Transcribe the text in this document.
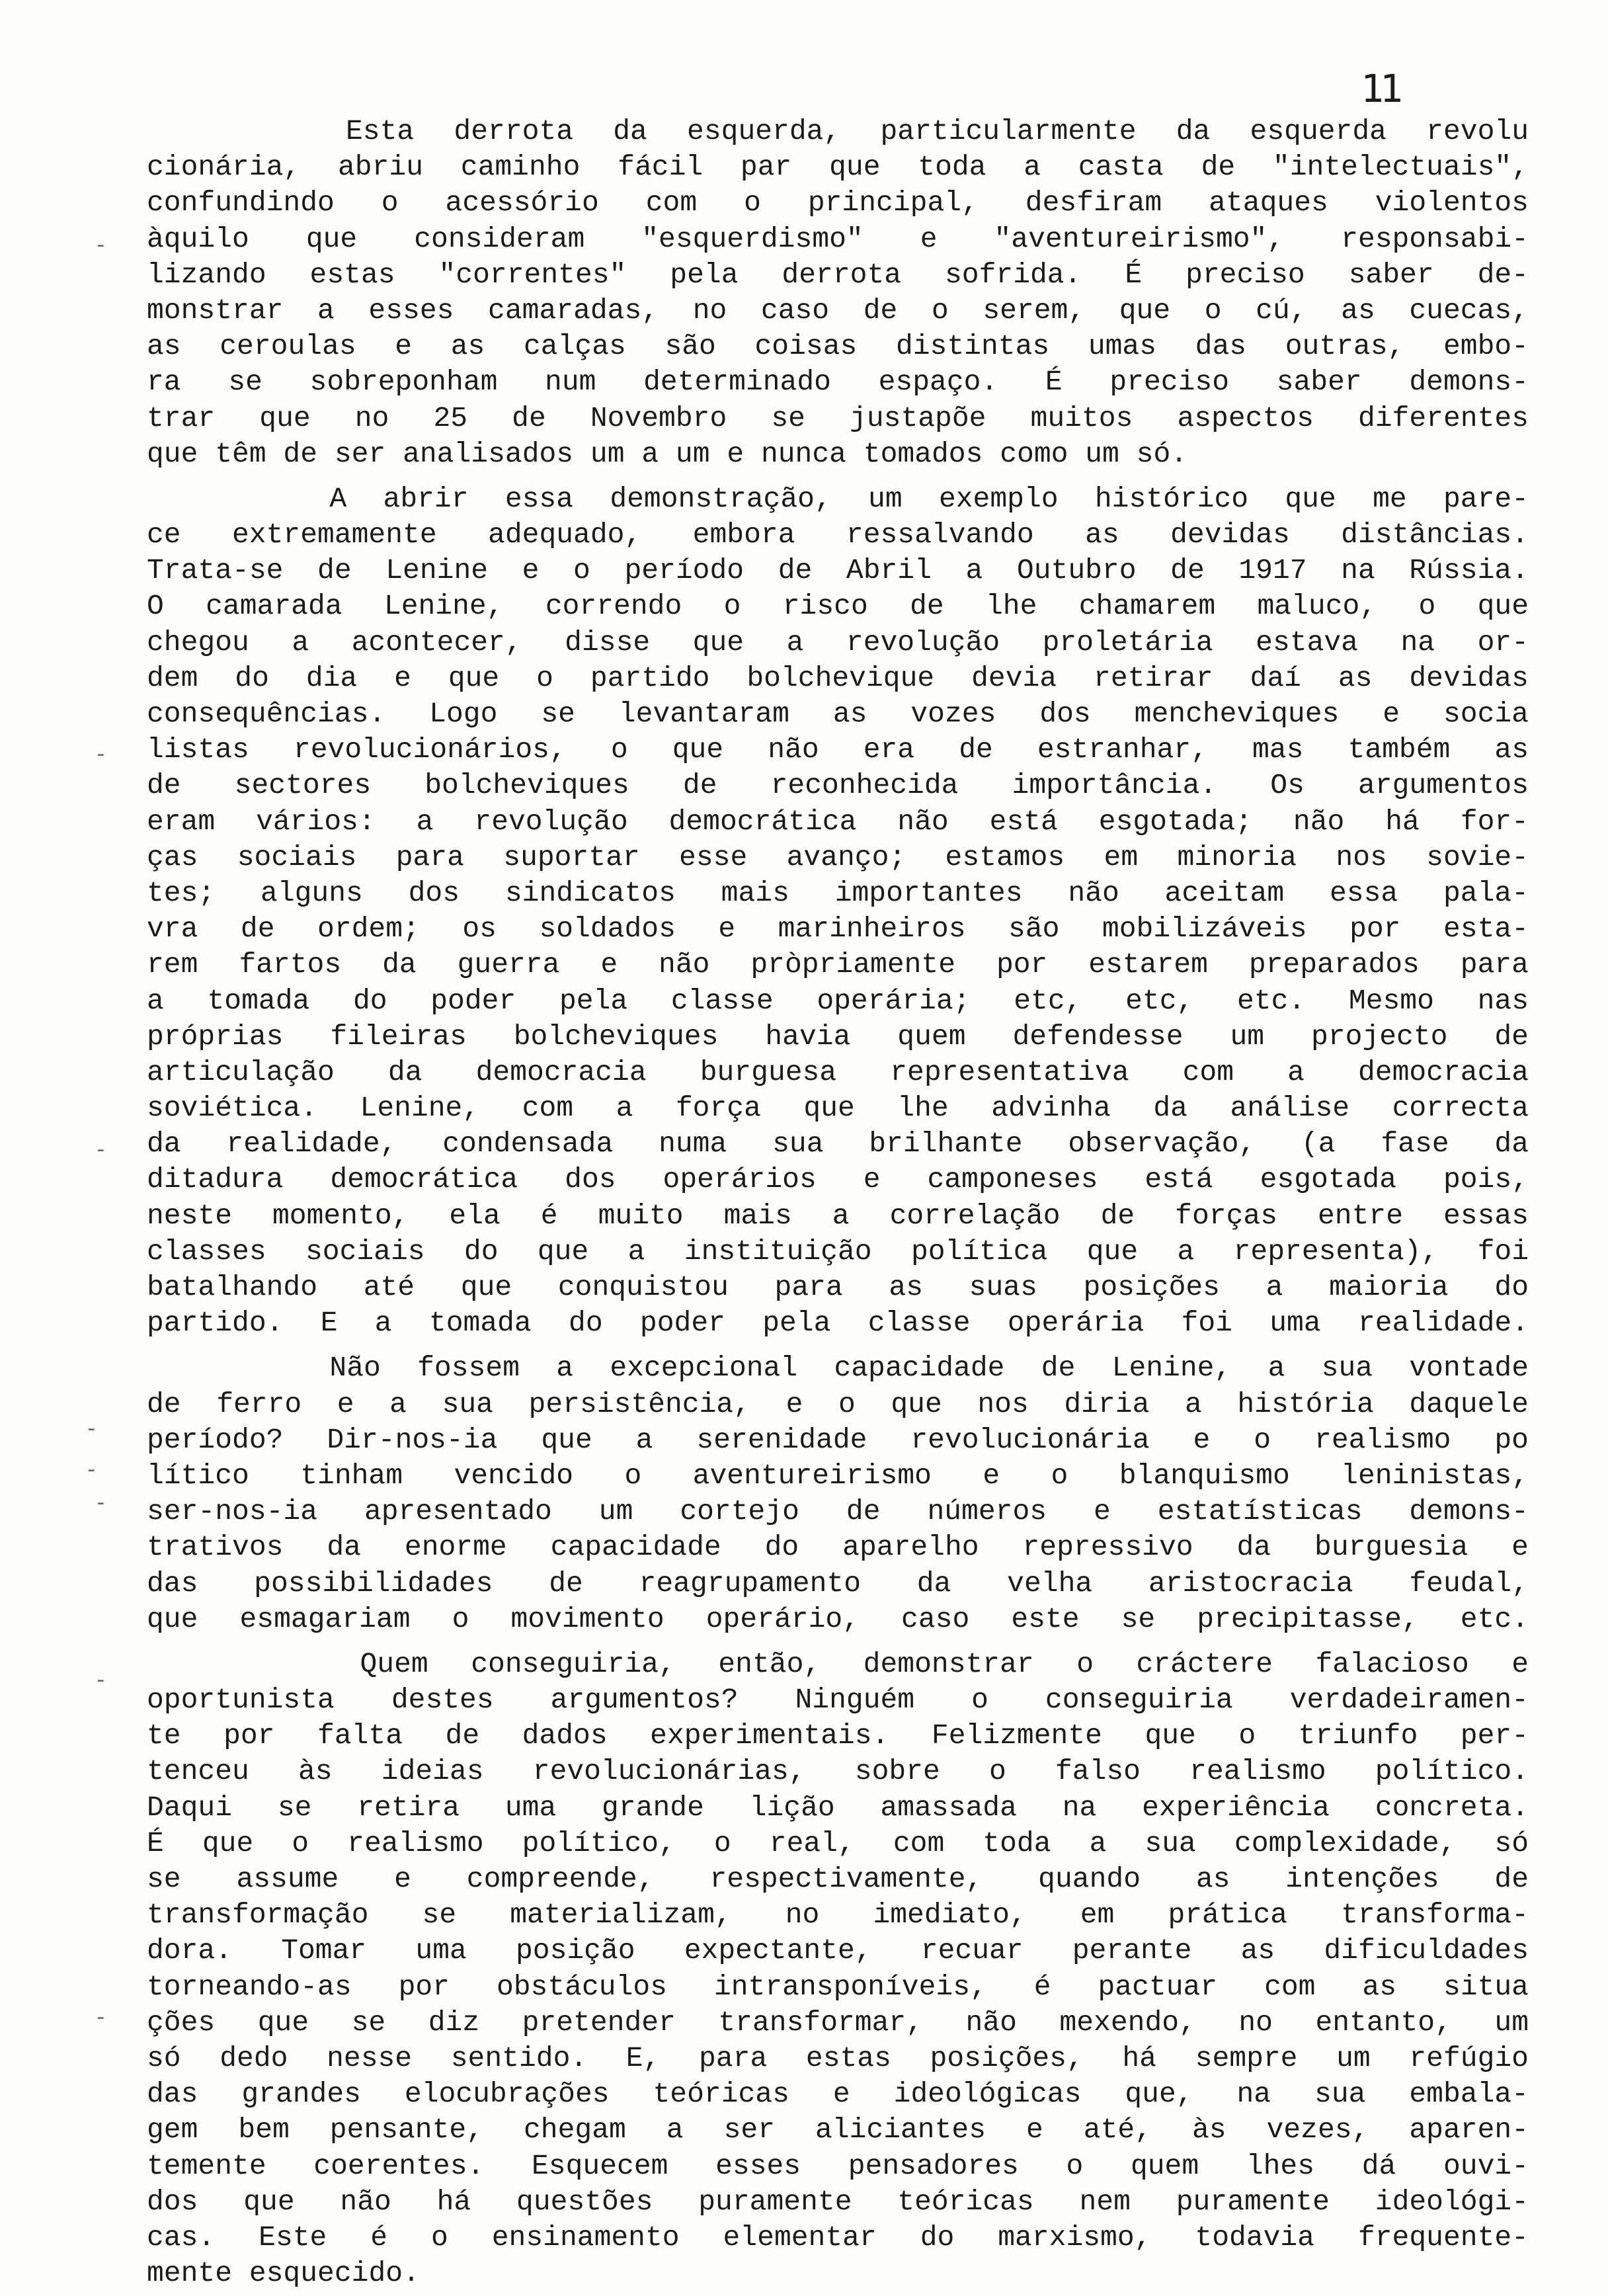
11
-
-
-
-
-
-
-
-
Esta derrota da esquerda, particularmente da esquerda revolu
cionária, abriu caminho fácil par que toda a casta de "intelectuais",
confundindo o acessório com o principal, desfiram ataques violentos
àquilo que consideram "esquerdismo" e "aventureirismo", responsabi-
lizando estas "correntes" pela derrota sofrida. É preciso saber de-
monstrar a esses camaradas, no caso de o serem, que o cú, as cuecas,
as ceroulas e as calças são coisas distintas umas das outras, embo-
ra se sobreponham num determinado espaço. É preciso saber demons-
trar que no 25 de Novembro se justapõe muitos aspectos diferentes
que têm de ser analisados um a um e nunca tomados como um só.
A abrir essa demonstração, um exemplo histórico que me pare-
ce extremamente adequado, embora ressalvando as devidas distâncias.
Trata-se de Lenine e o período de Abril a Outubro de 1917 na Rússia.
O camarada Lenine, correndo o risco de lhe chamarem maluco, o que
chegou a acontecer, disse que a revolução proletária estava na or-
dem do dia e que o partido bolchevique devia retirar daí as devidas
consequências. Logo se levantaram as vozes dos mencheviques e socia
listas revolucionários, o que não era de estranhar, mas também as
de sectores bolcheviques de reconhecida importância. Os argumentos
eram vários: a revolução democrática não está esgotada; não há for-
ças sociais para suportar esse avanço; estamos em minoria nos sovie-
tes; alguns dos sindicatos mais importantes não aceitam essa pala-
vra de ordem; os soldados e marinheiros são mobilizáveis por esta-
rem fartos da guerra e não pròpriamente por estarem preparados para
a tomada do poder pela classe operária; etc, etc, etc. Mesmo nas
próprias fileiras bolcheviques havia quem defendesse um projecto de
articulação da democracia burguesa representativa com a democracia
soviética. Lenine, com a força que lhe advinha da análise correcta
da realidade, condensada numa sua brilhante observação, (a fase da
ditadura democrática dos operários e camponeses está esgotada pois,
neste momento, ela é muito mais a correlação de forças entre essas
classes sociais do que a instituição política que a representa), foi
batalhando até que conquistou para as suas posições a maioria do
partido. E a tomada do poder pela classe operária foi uma realidade.
Não fossem a excepcional capacidade de Lenine, a sua vontade
de ferro e a sua persistência, e o que nos diria a história daquele
período? Dir-nos-ia que a serenidade revolucionária e o realismo po
lítico tinham vencido o aventureirismo e o blanquismo leninistas,
ser-nos-ia apresentado um cortejo de números e estatísticas demons-
trativos da enorme capacidade do aparelho repressivo da burguesia e
das possibilidades de reagrupamento da velha aristocracia feudal,
que esmagariam o movimento operário, caso este se precipitasse, etc.
Quem conseguiria, então, demonstrar o cráctere falacioso e
oportunista destes argumentos? Ninguém o conseguiria verdadeiramen-
te por falta de dados experimentais. Felizmente que o triunfo per-
tenceu às ideias revolucionárias, sobre o falso realismo político.
Daqui se retira uma grande lição amassada na experiência concreta.
É que o realismo político, o real, com toda a sua complexidade, só
se assume e compreende, respectivamente, quando as intenções de
transformação se materializam, no imediato, em prática transforma-
dora. Tomar uma posição expectante, recuar perante as dificuldades
torneando-as por obstáculos intransponíveis, é pactuar com as situa
ções que se diz pretender transformar, não mexendo, no entanto, um
só dedo nesse sentido. E, para estas posições, há sempre um refúgio
das grandes elocubrações teóricas e ideológicas que, na sua embala-
gem bem pensante, chegam a ser aliciantes e até, às vezes, aparen-
temente coerentes. Esquecem esses pensadores o quem lhes dá ouvi-
dos que não há questões puramente teóricas nem puramente ideológi-
cas. Este é o ensinamento elementar do marxismo, todavia frequente-
mente esquecido.
